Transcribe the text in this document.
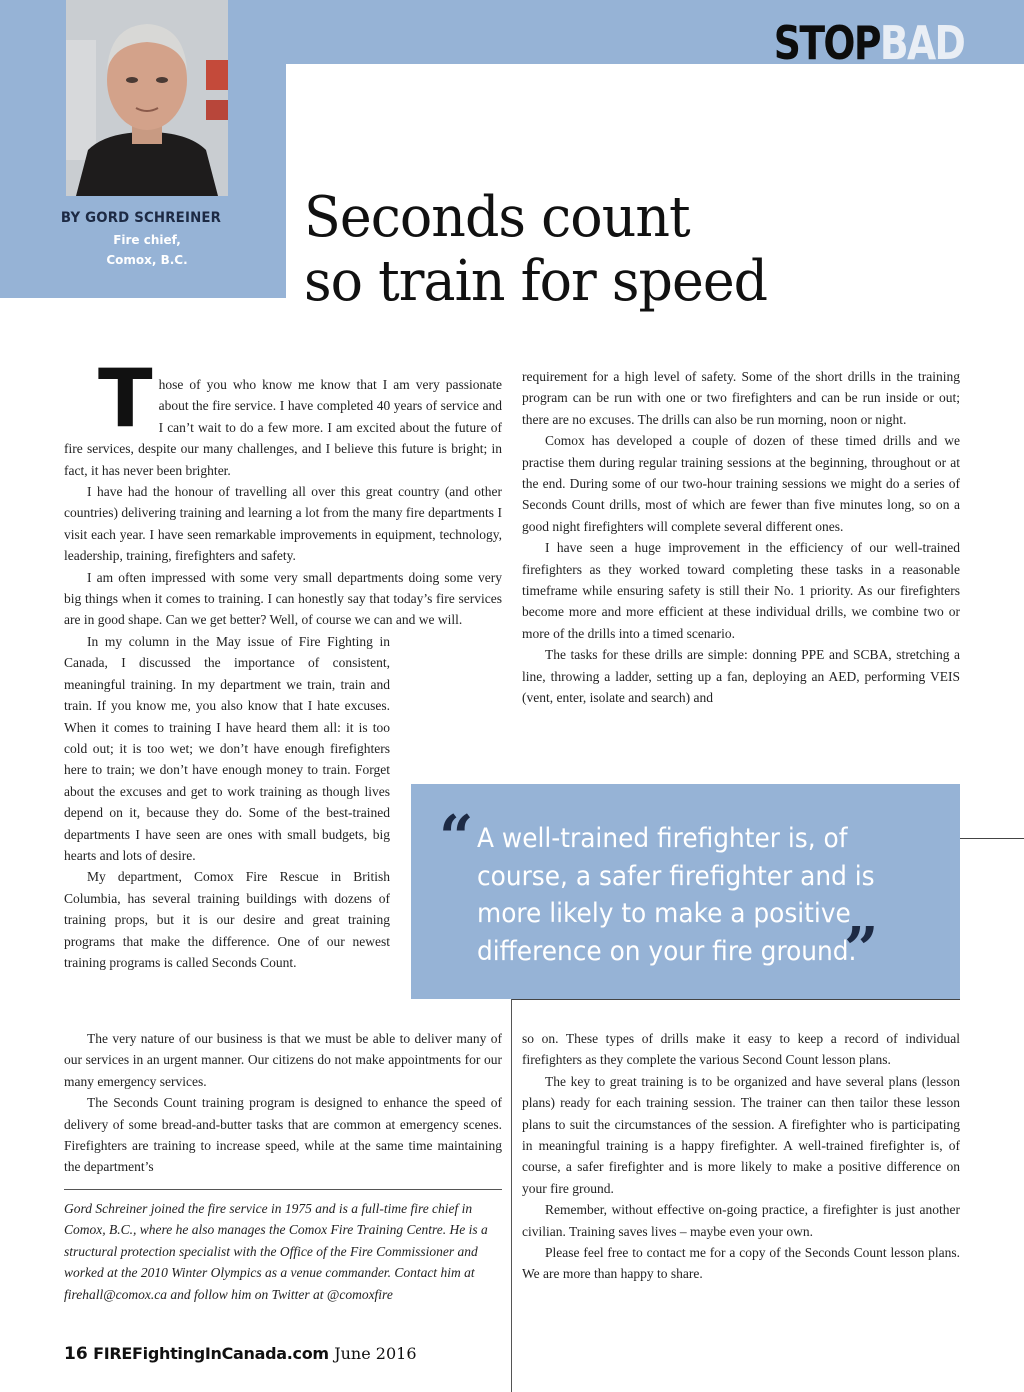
STOPBAD
BY GORD SCHREINER
Fire chief,
Comox, B.C.
Seconds count
so train for speed

Those of you who know me know that I am very passionate about the fire service. I have completed 40 years of service and I can’t wait to do a few more. I am excited about the future of fire services, despite our many challenges, and I believe this future is bright; in fact, it has never been brighter.

I have had the honour of travelling all over this great country (and other countries) delivering training and learning a lot from the many fire departments I visit each year. I have seen remarkable improvements in equipment, technology, leadership, training, firefighters and safety.

I am often impressed with some very small departments doing some very big things when it comes to training. I can honestly say that today’s fire services are in good shape. Can we get better? Well, of course we can and we will.

In my column in the May issue of Fire Fighting in Canada, I discussed the importance of consistent, meaningful training. In my department we train, train and train. If you know me, you also know that I hate excuses. When it comes to training I have heard them all: it is too cold out; it is too wet; we don’t have enough firefighters here to train; we don’t have enough money to train. Forget about the excuses and get to work training as though lives depend on it, because they do. Some of the best-trained departments I have seen are ones with small budgets, big hearts and lots of desire.

My department, Comox Fire Rescue in British Columbia, has several training buildings with dozens of training props, but it is our desire and great training programs that make the difference. One of our newest training programs is called Seconds Count.

The very nature of our business is that we must be able to deliver many of our services in an urgent manner. Our citizens do not make appointments for our many emergency services.

The Seconds Count training program is designed to enhance the speed of delivery of some bread-and-butter tasks that are common at emergency scenes. Firefighters are training to increase speed, while at the same time maintaining the department’s

requirement for a high level of safety. Some of the short drills in the training program can be run with one or two firefighters and can be run inside or out; there are no excuses. The drills can also be run morning, noon or night.

Comox has developed a couple of dozen of these timed drills and we practise them during regular training sessions at the beginning, throughout or at the end. During some of our two-hour training sessions we might do a series of Seconds Count drills, most of which are fewer than five minutes long, so on a good night firefighters will complete several different ones.

I have seen a huge improvement in the efficiency of our well-trained firefighters as they worked toward completing these tasks in a reasonable timeframe while ensuring safety is still their No. 1 priority. As our firefighters become more and more efficient at these individual drills, we combine two or more of the drills into a timed scenario.

The tasks for these drills are simple: donning PPE and SCBA, stretching a line, throwing a ladder, setting up a fan, deploying an AED, performing VEIS (vent, enter, isolate and search) and

so on. These types of drills make it easy to keep a record of individual firefighters as they complete the various Second Count lesson plans.

The key to great training is to be organized and have several plans (lesson plans) ready for each training session. The trainer can then tailor these lesson plans to suit the circumstances of the session. A firefighter who is participating in meaningful training is a happy firefighter. A well-trained firefighter is, of course, a safer firefighter and is more likely to make a positive difference on your fire ground.

Remember, without effective on-going practice, a firefighter is just another civilian. Training saves lives – maybe even your own.

Please feel free to contact me for a copy of the Seconds Count lesson plans. We are more than happy to share.

“ A well-trained firefighter is, of course, a safer firefighter and is more likely to make a positive difference on your fire ground.
”
Gord Schreiner joined the fire service in 1975 and is a full-time fire chief in Comox, B.C., where he also manages the Comox Fire Training Centre. He is a structural protection specialist with the Office of the Fire Commissioner and worked at the 2010 Winter Olympics as a venue commander. Contact him at firehall@comox.ca and follow him on Twitter at @comoxfire
16 FIREFightingInCanada.com June 2016
